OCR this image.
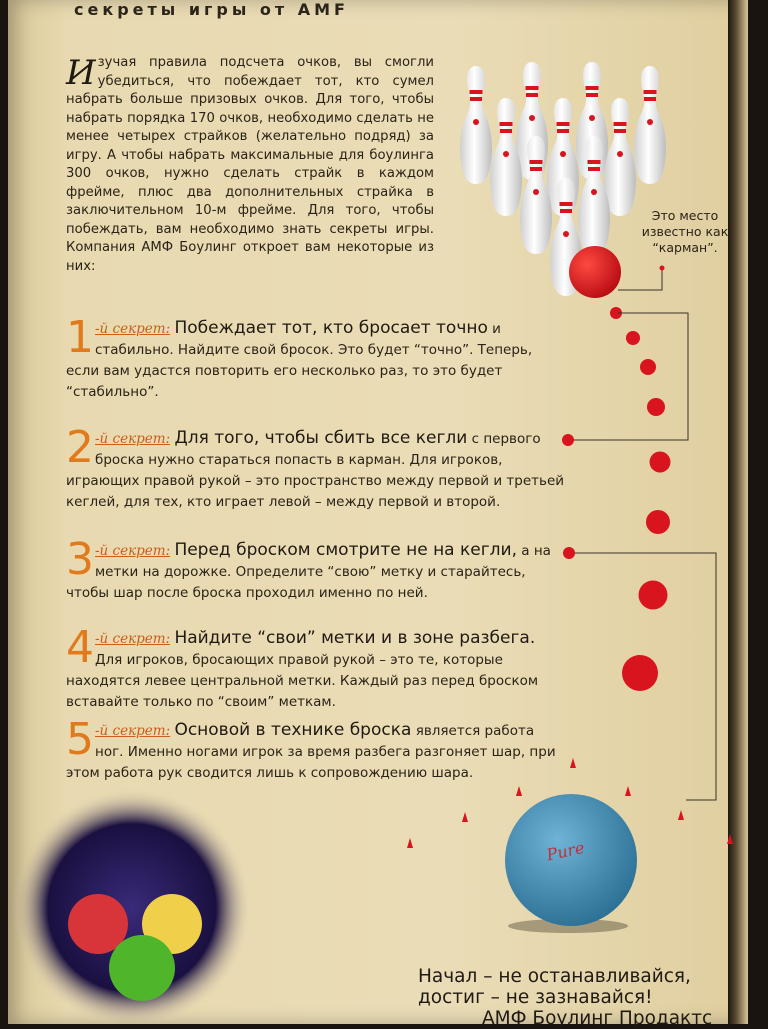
секреты игры от AMF
Изучая правила подсчета очков, вы смогли убедиться, что побеждает тот, кто сумел набрать больше призовых очков. Для того, чтобы набрать порядка 170 очков, необходимо сделать не менее четырех страйков (желательно подряд) за игру. А чтобы набрать максимальные для боулинга 300 очков, нужно сделать страйк в каждом фрейме, плюс два дополнительных страйка в заключительном 10-м фрейме. Для того, чтобы побеждать, вам необходимо знать секреты игры. Компания АМФ Боулинг откроет вам некоторые из них:
Pure
Это место известно как “карман”.
1 -й секрет: Побеждает тот, кто бросает точно и стабильно. Найдите свой бросок. Это будет “точно”. Теперь, если вам удастся повторить его несколько раз, то это будет “стабильно”.
2 -й секрет: Для того, чтобы сбить все кегли с первого броска нужно стараться попасть в карман. Для игроков, играющих правой рукой – это пространство между первой и третьей кеглей, для тех, кто играет левой – между первой и второй.
3 -й секрет: Перед броском смотрите не на кегли, а на метки на дорожке. Определите “свою” метку и старайтесь, чтобы шар после броска проходил именно по ней.
4 -й секрет: Найдите “свои” метки и в зоне разбега. Для игроков, бросающих правой рукой – это те, которые находятся левее центральной метки. Каждый раз перед броском вставайте только по “своим” меткам.
5 -й секрет: Основой в технике броска является работа ног. Именно ногами игрок за время разбега разгоняет шар, при этом работа рук сводится лишь к сопровождению шара.
Начал – не останавливайся,
достиг – не зазнавайся!
АМФ Боулинг Продактс
